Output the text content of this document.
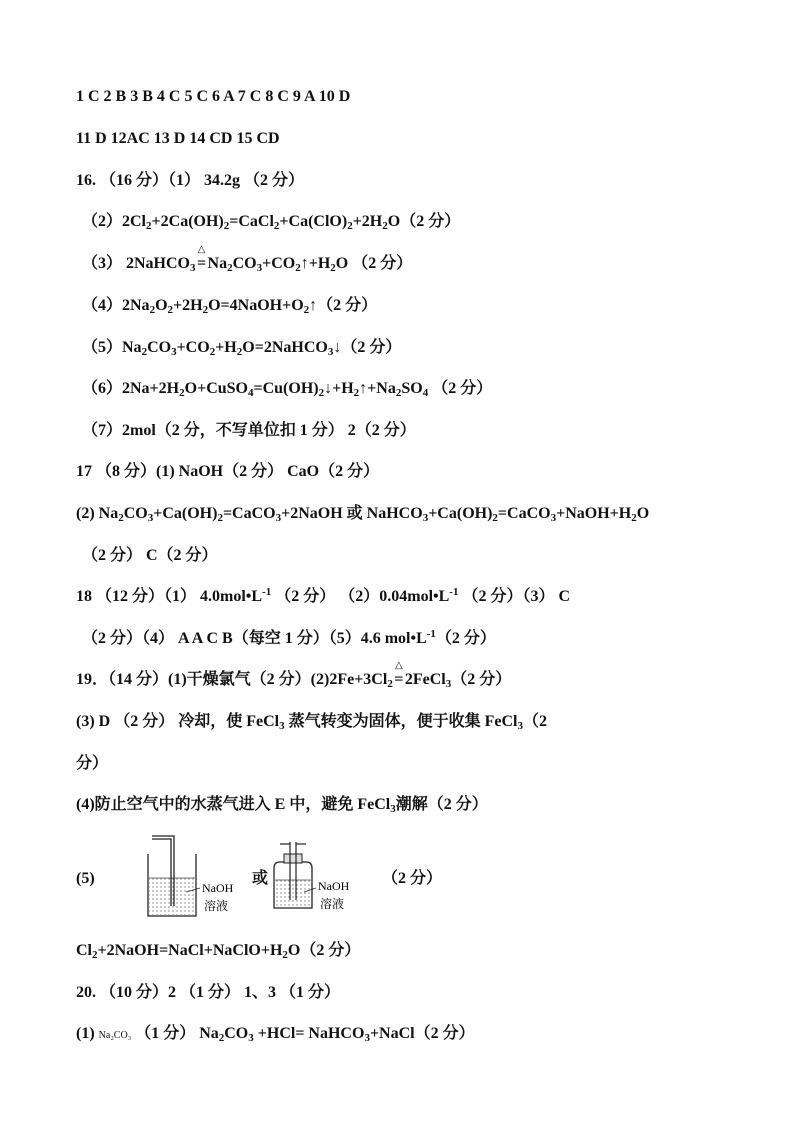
1 C 2 B 3 B 4 C 5 C 6 A 7 C 8 C 9 A 10 D
11 D 12AC 13 D 14 CD 15 CD
16. （16 分）（1） 34.2g （2 分）
$(2)2Cl_2+2Ca(OH)_2=CaCl_2+Ca(ClO)_2+2H_2O(2$ 分）
（3） 2NaHCO$_3$
△
$=Na_2CO_3+CO_2↑+H_2O$ （2 分）
$(4)2Na_2O_2+2H_2O=4NaOH+O_2↑(2$ 分）
$(5)Na_2CO_3+CO_2+H_2O=2NaHCO_3↓(2$ 分）
$(6)2Na+2H_2O+CuSO_4=Cu(OH)_2↓+H_2↑+Na_2SO_4$ （2 分）
（7）2mol（2 分，不写单位扣 1 分） 2（2 分）
17 （8 分）(1) NaOH（2 分） CaO（2 分）
(2) $Na_2CO_3+Ca(OH)_2=CaCO_3+2NaOH$ 或 $NaHCO_3+Ca(OH)_2=CaCO_3+NaOH+H_2O$
（2 分） C（2 分）
18 （12 分）（1） $4.0mol•L^{-1}$ （2 分） $(2)0.04mol•L^{-1}$ （2 分）（3） C
（2 分）（4） A A C B（每空 1 分）（5）4.6 $mol•L^{-1}(2$ 分）
19．（14 分）(1)干燥氯气（2 分）$(2)2Fe+3Cl_2$
△
=2FeCl$_3$（2 分）
(3) D （2 分） 冷却，使 FeCl$_3$ 蒸气转变为固体，便于收集 FeCl$_3$（2
分）
(4)防止空气中的水蒸气进入 E 中，避免 FeCl$_3$潮解（2 分）
(5)
NaOH
溶液
或	NaOH
溶液
（2 分）
$Cl_2+2NaOH=NaCl+NaClO+H_2O(2$ 分）
20. （10 分）2 （1 分） 1、3 （1 分）
(1) Na₂CO₃ （1 分） $Na_2CO_3 +HCl=$ NaHCO$_3$+NaCl（2 分）
